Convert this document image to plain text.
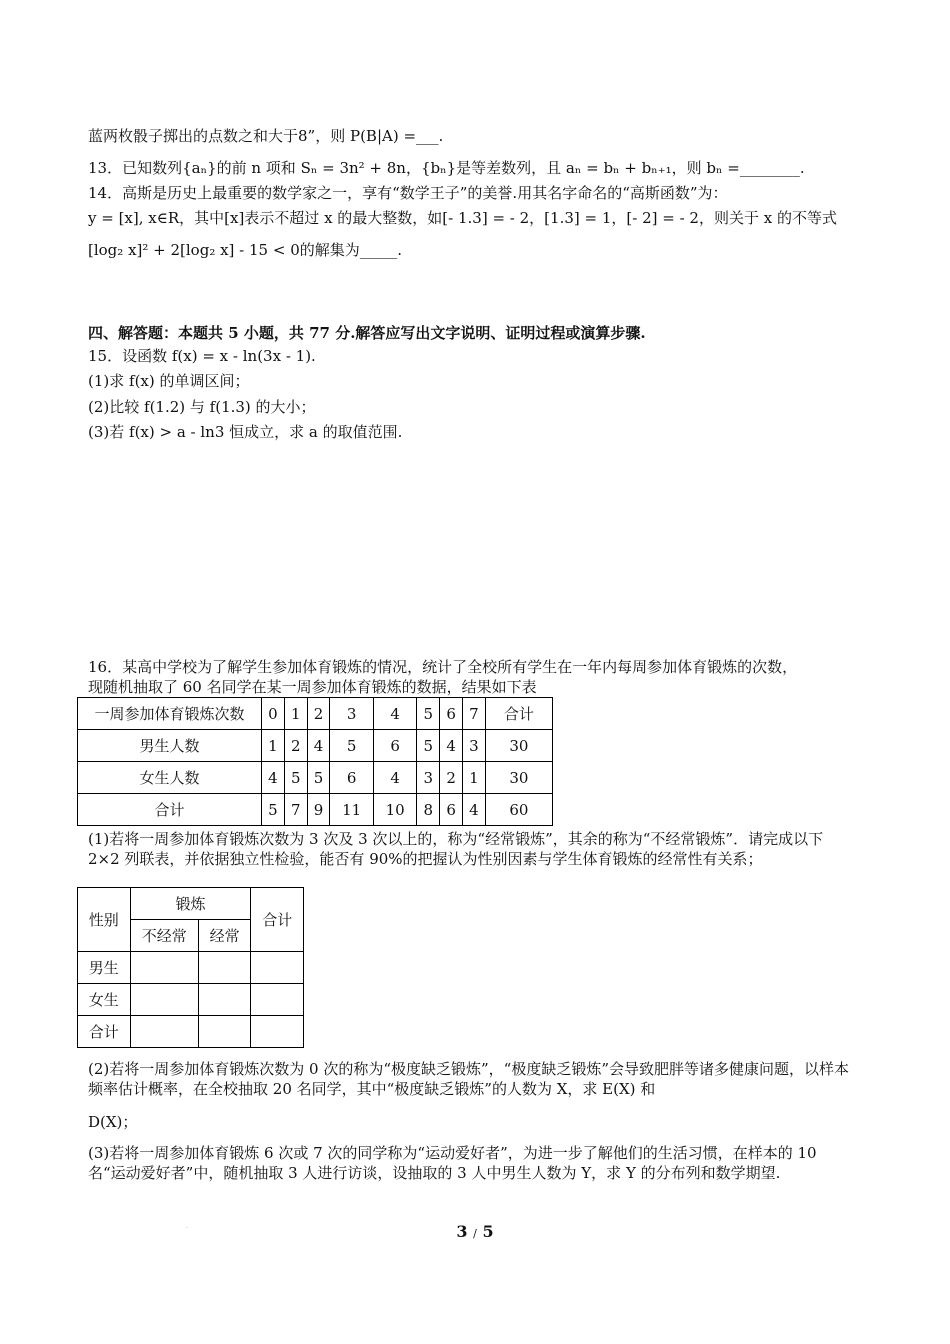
蓝两枚骰子掷出的点数之和大于8”，则 P(B|A) =___.
13．已知数列{aₙ}的前 n 项和 Sₙ = 3n² + 8n，{bₙ}是等差数列，且 aₙ = bₙ + bₙ₊₁，则 bₙ =________.
14．高斯是历史上最重要的数学家之一，享有“数学王子”的美誉.用其名字命名的“高斯函数”为：
y = [x], x∈R，其中[x]表示不超过 x 的最大整数，如[- 1.3] = - 2，[1.3] = 1，[- 2] = - 2，则关于 x 的不等式
[log₂ x]² + 2[log₂ x] - 15 < 0的解集为_____.
四、解答题：本题共 5 小题，共 77 分.解答应写出文字说明、证明过程或演算步骤.
15．设函数 f(x) = x - ln(3x - 1).
(1)求 f(x) 的单调区间；
(2)比较 f(1.2) 与 f(1.3) 的大小；
(3)若 f(x) > a - ln3 恒成立，求 a 的取值范围.
16．某高中学校为了解学生参加体育锻炼的情况，统计了全校所有学生在一年内每周参加体育锻炼的次数，
现随机抽取了 60 名同学在某一周参加体育锻炼的数据，结果如下表
一周参加体育锻炼次数	0	1	2	3	4	5	6	7	合计
男生人数	1	2	4	5	6	5	4	3	30
女生人数	4	5	5	6	4	3	2	1	30
合计	5	7	9	11	10	8	6	4	60
(1)若将一周参加体育锻炼次数为 3 次及 3 次以上的，称为“经常锻炼”，其余的称为“不经常锻炼”．请完成以下 2×2 列联表，并依据独立性检验，能否有 90%的把握认为性别因素与学生体育锻炼的经常性有关系；
性别	锻炼		合计
	不经常	经常	
男生			
女生			
合计			
(2)若将一周参加体育锻炼次数为 0 次的称为“极度缺乏锻炼”，“极度缺乏锻炼”会导致肥胖等诸多健康问题，以样本频率估计概率，在全校抽取 20 名同学，其中“极度缺乏锻炼”的人数为 X，求 E(X) 和
D(X)；
(3)若将一周参加体育锻炼 6 次或 7 次的同学称为“运动爱好者”，为进一步了解他们的生活习惯，在样本的 10 名“运动爱好者”中，随机抽取 3 人进行访谈，设抽取的 3 人中男生人数为 Y，求 Y 的分布列和数学期望.
·	3 / 5
